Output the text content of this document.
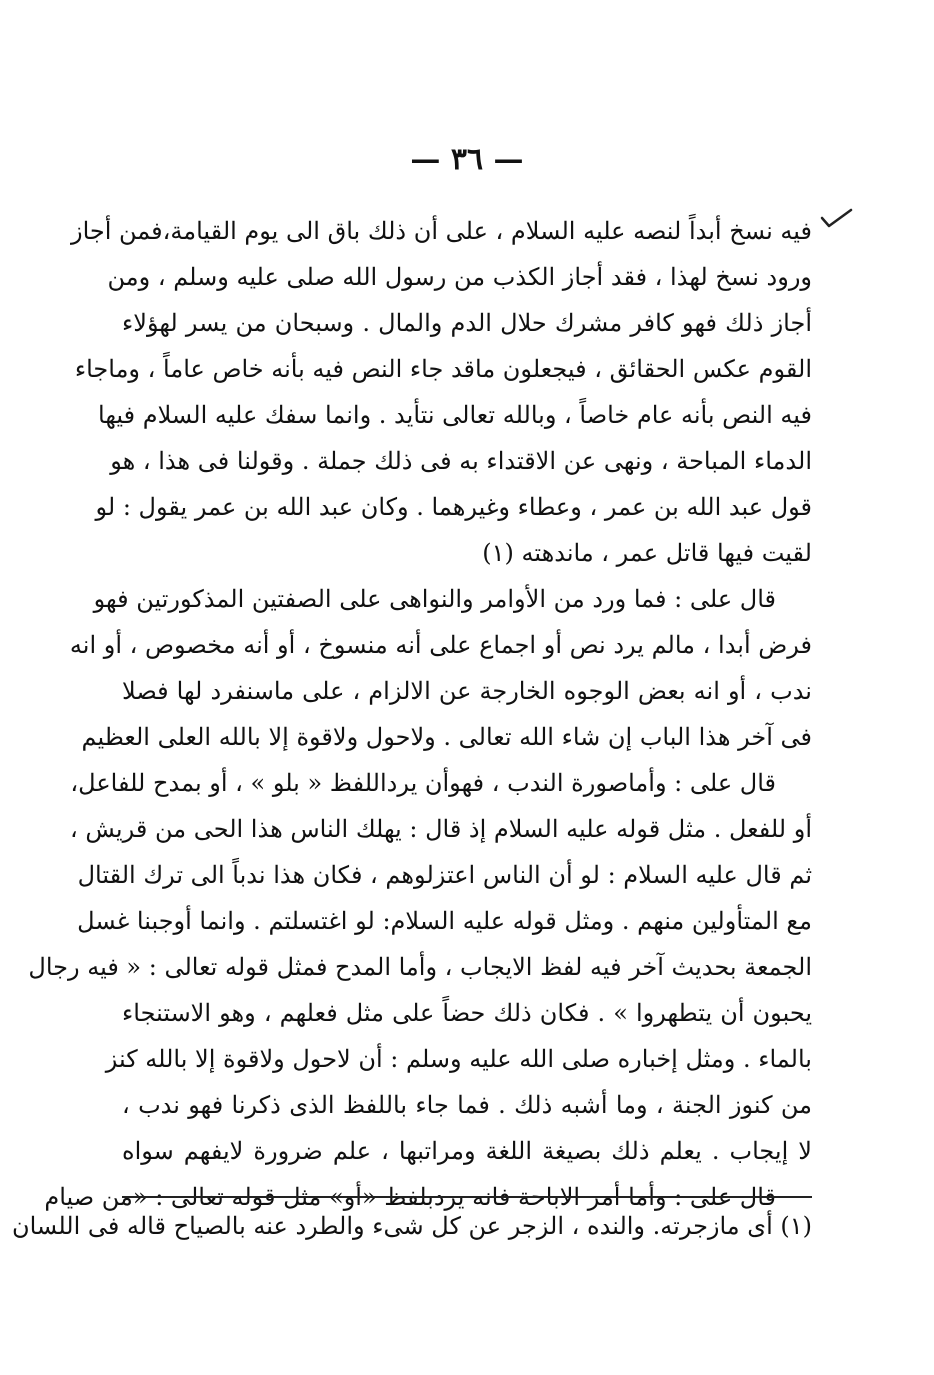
— ٣٦ —
فيه نسخ أبداً لنصه عليه السلام ، على أن ذلك باق الى يوم القيامة،فمن أجاز
ورود نسخ لهذا ، فقد أجاز الكذب من رسول الله صلى عليه وسلم ، ومن
أجاز ذلك فهو كافر مشرك حلال الدم والمال . وسبحان من يسر لهؤلاء
القوم عكس الحقائق ، فيجعلون ماقد جاء النص فيه بأنه خاص عاماً ، وماجاء
فيه النص بأنه عام خاصاً ، وبالله تعالى نتأيد . وانما سفك عليه السلام فيها
الدماء المباحة ، ونهى عن الاقتداء به فى ذلك جملة . وقولنا فى هذا ، هو
قول عبد الله بن عمر ، وعطاء وغيرهما . وكان عبد الله بن عمر يقول : لو
لقيت فيها قاتل عمر ، ماندهته (١)
قال على : فما ورد من الأوامر والنواهى على الصفتين المذكورتين فهو
فرض أبدا ، مالم يرد نص أو اجماع على أنه منسوخ ، أو أنه مخصوص ، أو انه
ندب ، أو انه بعض الوجوه الخارجة عن الالزام ، على ماسنفرد لها فصلا
فى آخر هذا الباب إن شاء الله تعالى . ولاحول ولاقوة إلا بالله العلى العظيم
قال على : وأماصورة الندب ، فهوأن يرداللفظ « بلو » ، أو بمدح للفاعل،
أو للفعل . مثل قوله عليه السلام إذ قال : يهلك الناس هذا الحى من قريش ،
ثم قال عليه السلام : لو أن الناس اعتزلوهم ، فكان هذا ندباً الى ترك القتال
مع المتأولين منهم . ومثل قوله عليه السلام: لو اغتسلتم . وانما أوجبنا غسل
الجمعة بحديث آخر فيه لفظ الايجاب ، وأما المدح فمثل قوله تعالى : « فيه رجال
يحبون أن يتطهروا » . فكان ذلك حضاً على مثل فعلهم ، وهو الاستنجاء
بالماء . ومثل إخباره صلى الله عليه وسلم : أن لاحول ولاقوة إلا بالله كنز
من كنوز الجنة ، وما أشبه ذلك . فما جاء باللفظ الذى ذكرنا فهو ندب ،
لا إيجاب . يعلم ذلك بصيغة اللغة ومراتبها ، علم ضرورة لايفهم سواه
قال على : وأما أمر الاباحة فانه يردبلفظ «أو» مثل قوله تعالى : «من صيام
(١) أى مازجرته. والنده ، الزجر عن كل شىء والطرد عنه بالصياح قاله فى اللسان
